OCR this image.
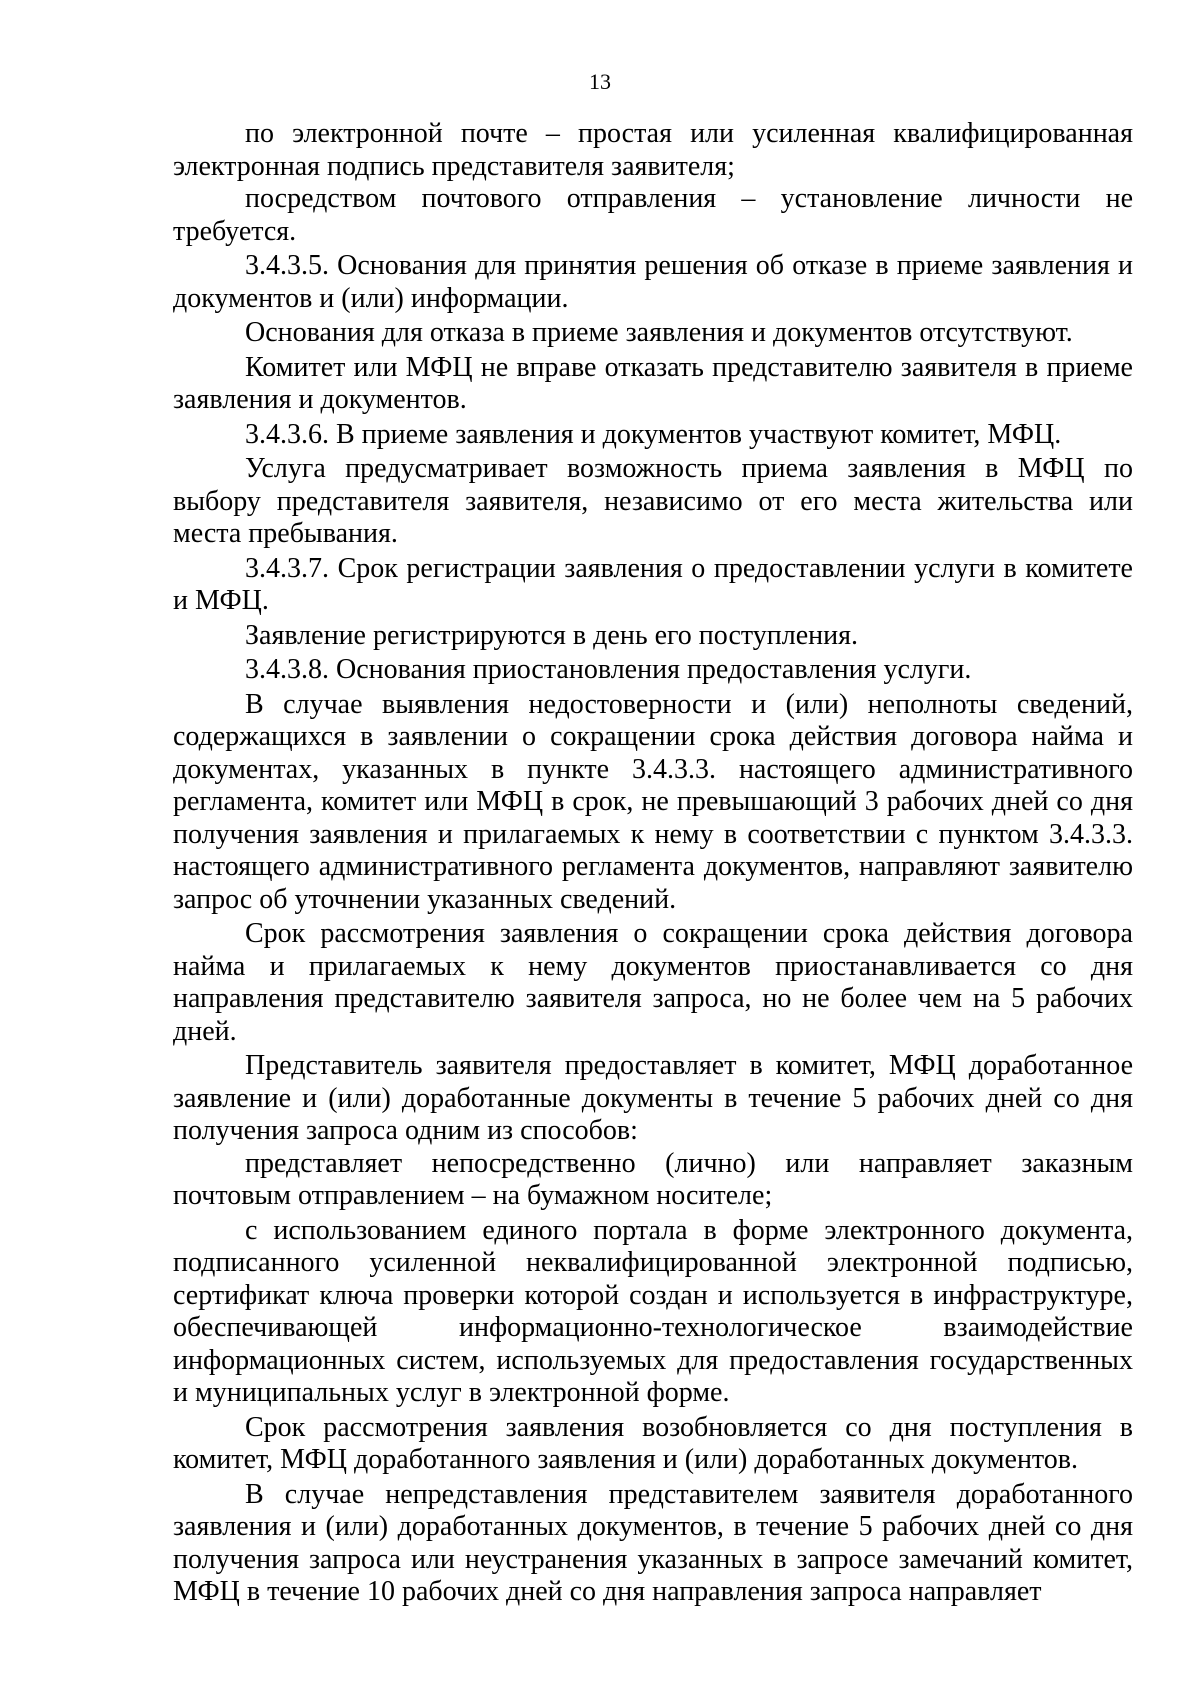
13

по электронной почте – простая или усиленная квалифицированная электронная подпись представителя заявителя;

посредством почтового отправления – установление личности не требуется.

3.4.3.5. Основания для принятия решения об отказе в приеме заявления и документов и (или) информации.

Основания для отказа в приеме заявления и документов отсутствуют.

Комитет или МФЦ не вправе отказать представителю заявителя в приеме заявления и документов.

3.4.3.6. В приеме заявления и документов участвуют комитет, МФЦ.

Услуга предусматривает возможность приема заявления в МФЦ по выбору представителя заявителя, независимо от его места жительства или места пребывания.

3.4.3.7. Срок регистрации заявления о предоставлении услуги в комитете и МФЦ.

Заявление регистрируются в день его поступления.

3.4.3.8. Основания приостановления предоставления услуги.

В случае выявления недостоверности и (или) неполноты сведений, содержащихся в заявлении о сокращении срока действия договора найма и документах, указанных в пункте 3.4.3.3. настоящего административного регламента, комитет или МФЦ в срок, не превышающий 3 рабочих дней со дня получения заявления и прилагаемых к нему в соответствии с пунктом 3.4.3.3. настоящего административного регламента документов, направляют заявителю запрос об уточнении указанных сведений.

Срок рассмотрения заявления о сокращении срока действия договора найма и прилагаемых к нему документов приостанавливается со дня направления представителю заявителя запроса, но не более чем на 5 рабочих дней.

Представитель заявителя предоставляет в комитет, МФЦ доработанное заявление и (или) доработанные документы в течение 5 рабочих дней со дня получения запроса одним из способов:

представляет непосредственно (лично) или направляет заказным почтовым отправлением – на бумажном носителе;

с использованием единого портала в форме электронного документа, подписанного усиленной неквалифицированной электронной подписью, сертификат ключа проверки которой создан и используется в инфраструктуре, обеспечивающей информационно-технологическое взаимодействие информационных систем, используемых для предоставления государственных и муниципальных услуг в электронной форме.

Срок рассмотрения заявления возобновляется со дня поступления в комитет, МФЦ доработанного заявления и (или) доработанных документов.

В случае непредставления представителем заявителя доработанного заявления и (или) доработанных документов, в течение 5 рабочих дней со дня получения запроса или неустранения указанных в запросе замечаний комитет, МФЦ в течение 10 рабочих дней со дня направления запроса направляет
